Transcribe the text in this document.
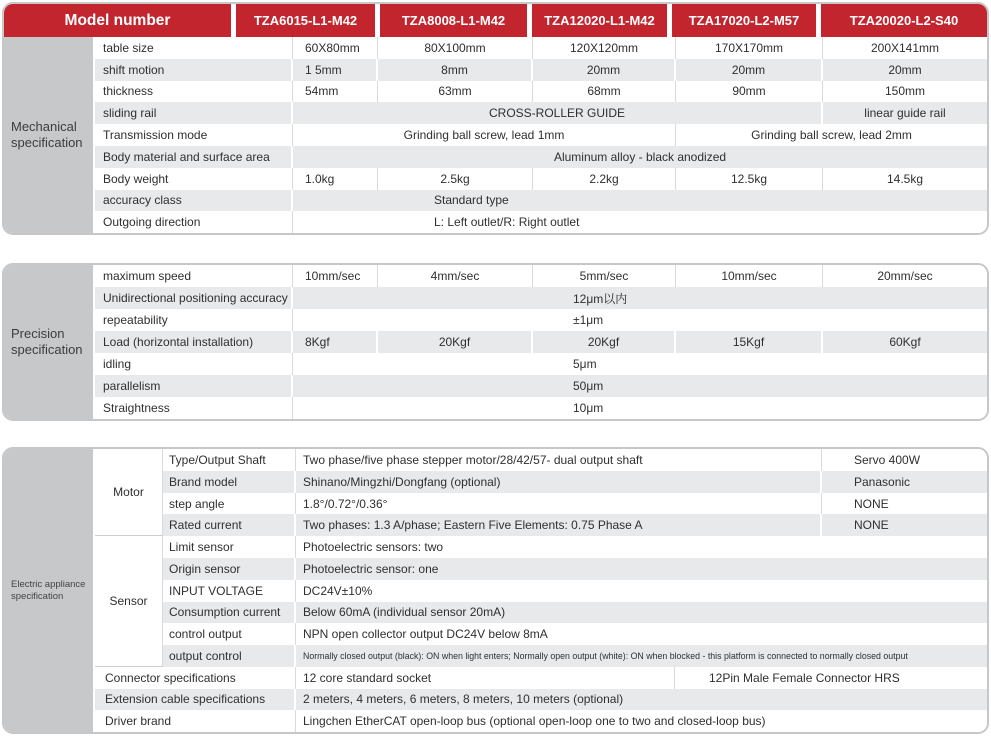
Model number	TZA6015-L1-M42	TZA8008-L1-M42	TZA12020-L1-M42	TZA17020-L2-M57	TZA20020-L2-S40
Mechanical
specification
table size	60X80mm	80X100mm	120X120mm	170X170mm	200X141mm
shift motion	1 5mm	8mm	20mm	20mm	20mm
thickness	54mm	63mm	68mm	90mm	150mm
sliding rail	CROSS-ROLLER GUIDE	linear guide rail
Transmission mode	Grinding ball screw, lead 1mm	Grinding ball screw, lead 2mm
Body material and surface area	Aluminum alloy - black anodized
Body weight	1.0kg	2.5kg	2.2kg	12.5kg	14.5kg
accuracy class	Standard type
Outgoing direction	L: Left outlet/R: Right outlet
Precision
specification
maximum speed	10mm/sec	4mm/sec	5mm/sec	10mm/sec	20mm/sec
Unidirectional positioning accuracy	12μm以内
repeatability	±1μm
Load (horizontal installation)	8Kgf	20Kgf	20Kgf	15Kgf	60Kgf
idling	5μm
parallelism	50μm
Straightness	10μm
Electric appliance
specification
Motor
Type/Output Shaft	Two phase/five phase stepper motor/28/42/57- dual output shaft	Servo 400W
Brand model	Shinano/Mingzhi/Dongfang (optional)	Panasonic
step angle	1.8°/0.72°/0.36°	NONE
Rated current	Two phases: 1.3 A/phase; Eastern Five Elements: 0.75 Phase A	NONE
Sensor
Limit sensor	Photoelectric sensors: two
Origin sensor	Photoelectric sensor: one
INPUT VOLTAGE	DC24V±10%
Consumption current	Below 60mA (individual sensor 20mA)
control output	NPN open collector output DC24V below 8mA
output control	Normally closed output (black): ON when light enters; Normally open output (white): ON when blocked - this platform is connected to normally closed output
Connector specifications	12 core standard socket	12Pin Male Female Connector HRS
Extension cable specifications	2 meters, 4 meters, 6 meters, 8 meters, 10 meters (optional)
Driver brand	Lingchen EtherCAT open-loop bus (optional open-loop one to two and closed-loop bus)
